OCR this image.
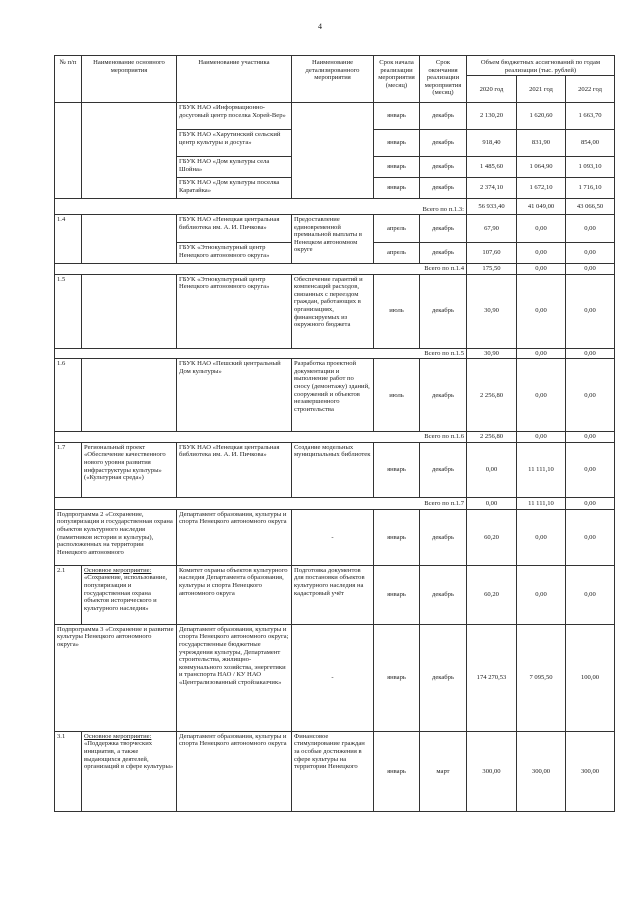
4
№ п/п	Наименование основного мероприятия	Наименование участника	Наименование детализированного мероприятия	Срок начала реализации мероприятия (месяц)	Срок окончания реализации мероприятия (месяц)	Объем бюджетных ассигнований по годам реализации (тыс. рублей)		
						2020 год	2021 год	2022 год
		ГБУК НАО «Информационно-досуговый центр поселка Хорей-Вер»		январь	декабрь	2 130,20	1 620,60	1 663,70
		ГБУК НАО «Харутинский сельский центр культуры и досуга»		январь	декабрь	918,40	831,90	854,00
		ГБУК НАО «Дом культуры села Шойна»		январь	декабрь	1 485,60	1 064,90	1 093,10
		ГБУК НАО «Дом культуры поселка Каратайка»		январь	декабрь	2 374,10	1 672,10	1 716,10
Всего по п.1.3:						56 933,40	41 049,00	43 066,50
1.4		ГБУК НАО «Ненецкая центральная библиотека им. А. И. Пичкова»	Предоставление единовременной премиальной выплаты в Ненецком автономном округе	апрель	декабрь	67,90	0,00	0,00
		ГБУК «Этнокультурный центр Ненецкого автономного округа»		апрель	декабрь	107,60	0,00	0,00
Всего по п.1.4						175,50	0,00	0,00
1.5		ГБУК «Этнокультурный центр Ненецкого автономного округа»	Обеспечение гарантий и компенсаций расходов, связанных с переездом граждан, работающих в организациях, финансируемых из окружного бюджета	июль	декабрь	30,90	0,00	0,00
Всего по п.1.5						30,90	0,00	0,00
1.6		ГБУК НАО «Пешский центральный Дом культуры»	Разработка проектной документации и выполнение работ по сносу (демонтажу) зданий, сооружений и объектов незавершенного строительства	июль	декабрь	2 256,80	0,00	0,00
Всего по п.1.6						2 256,80	0,00	0,00
1.7	Региональный проект «Обеспечение качественного нового уровня развития инфраструктуры культуры» («Культурная среда»)	ГБУК НАО «Ненецкая центральная библиотека им. А. И. Пичкова»	Создание модельных муниципальных библиотек	январь	декабрь	0,00	11 111,10	0,00
Всего по п.1.7						0,00	11 111,10	0,00
Подпрограмма 2 «Сохранение, популяризация и государственная охрана объектов культурного наследия (памятников истории и культуры), расположенных на территории Ненецкого автономного		Департамент образования, культуры и спорта Ненецкого автономного округа	-	январь	декабрь	60,20	0,00	0,00
2.1	Основное мероприятие: «Сохранение, использование, популяризация и государственная охрана объектов исторического и культурного наследия»	Комитет охраны объектов культурного наследия Департамента образования, культуры и спорта Ненецкого автономного округа	Подготовка документов для постановки объектов культурного наследия на кадастровый учёт	январь	декабрь	60,20	0,00	0,00
Подпрограмма 3 «Сохранение и развитие культуры Ненецкого автономного округа»		Департамент образования, культуры и спорта Ненецкого автономного округа; государственные бюджетные учреждения культуры, Департамент строительства, жилищно-коммунального хозяйства, энергетики и транспорта НАО / КУ НАО «Централизованный стройзаказчик»	-	январь	декабрь	174 270,53	7 095,50	100,00
3.1	Основное мероприятие: «Поддержка творческих инициатив, а также выдающихся деятелей, организаций в сфере культуры»	Департамент образования, культуры и спорта Ненецкого автономного округа	Финансовое стимулирование граждан за особые достижения в сфере культуры на территории Ненецкого	январь	март	300,00	300,00	300,00
